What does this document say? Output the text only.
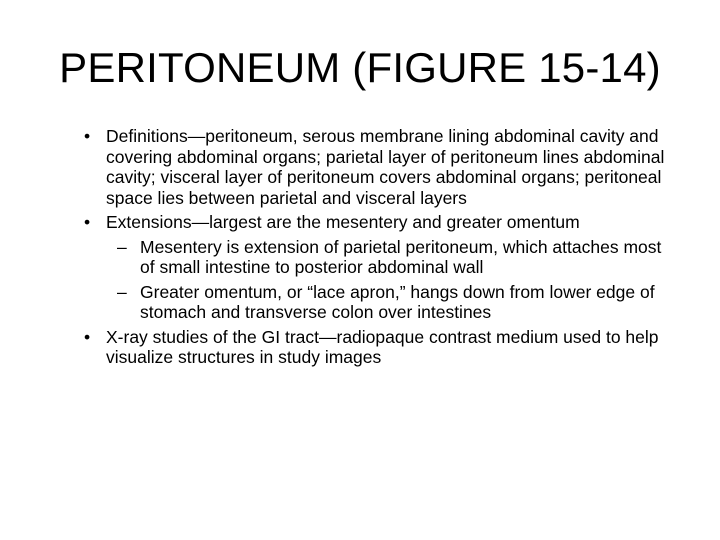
PERITONEUM (FIGURE 15-14)
• Definitions—peritoneum, serous membrane lining abdominal cavity and covering abdominal organs; parietal layer of peritoneum lines abdominal cavity; visceral layer of peritoneum covers abdominal organs; peritoneal space lies between parietal and visceral layers
• Extensions—largest are the mesentery and greater omentum
– Mesentery is extension of parietal peritoneum, which attaches most of small intestine to posterior abdominal wall
– Greater omentum, or “lace apron,” hangs down from lower edge of stomach and transverse colon over intestines
• X-ray studies of the GI tract—radiopaque contrast medium used to help visualize structures in study images
